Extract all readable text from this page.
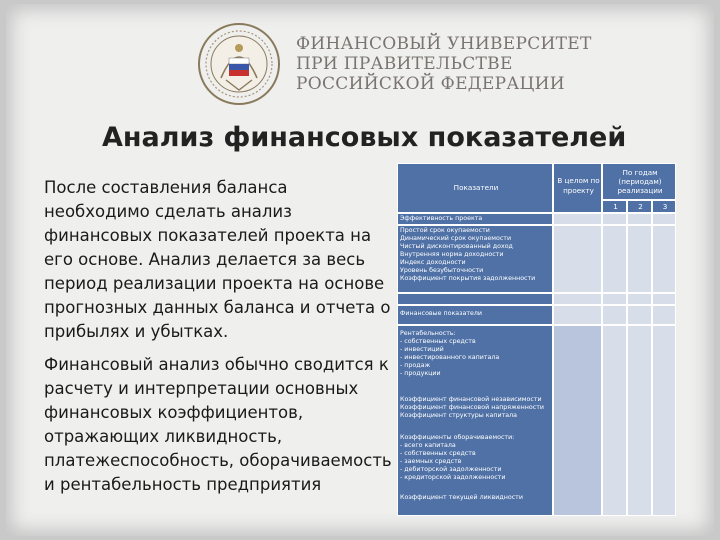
ФИНАНСОВЫЙ УНИВЕРСИТЕТ
ПРИ ПРАВИТЕЛЬСТВЕ
РОССИЙСКОЙ ФЕДЕРАЦИИ
Анализ финансовых показателей

После составления баланса необходимо сделать анализ финансовых показателей проекта на его основе. Анализ делается за весь период реализации проекта на основе прогнозных данных баланса и отчета о прибылях и убытках.

Финансовый анализ обычно сводится к расчету и интерпретации основных финансовых коэффициентов, отражающих ликвидность, платежеспособность, оборачиваемость и рентабельность предприятия

Показатели
В целом по
проекту
По годам
(периодам)
реализации
1	2	3
Эффективность проекта
Простой срок окупаемости
Динамический срок окупаемости
Чистый дисконтированный доход
Внутренняя норма доходности
Индекс доходности
Уровень безубыточности
Коэффициент покрытия задолженности
Финансовые показатели
Рентабельность:
- собственных средств
- инвестиций
- инвестированного капитала
- продаж
- продукции
Коэффициент финансовой независимости
Коэффициент финансовой напряженности
Коэффициент структуры капитала
Коэффициенты оборачиваемости:
- всего капитала
- собственных средств
- заемных средств
- дебиторской задолженности
- кредиторской задолженности
Коэффициент текущей ликвидности
